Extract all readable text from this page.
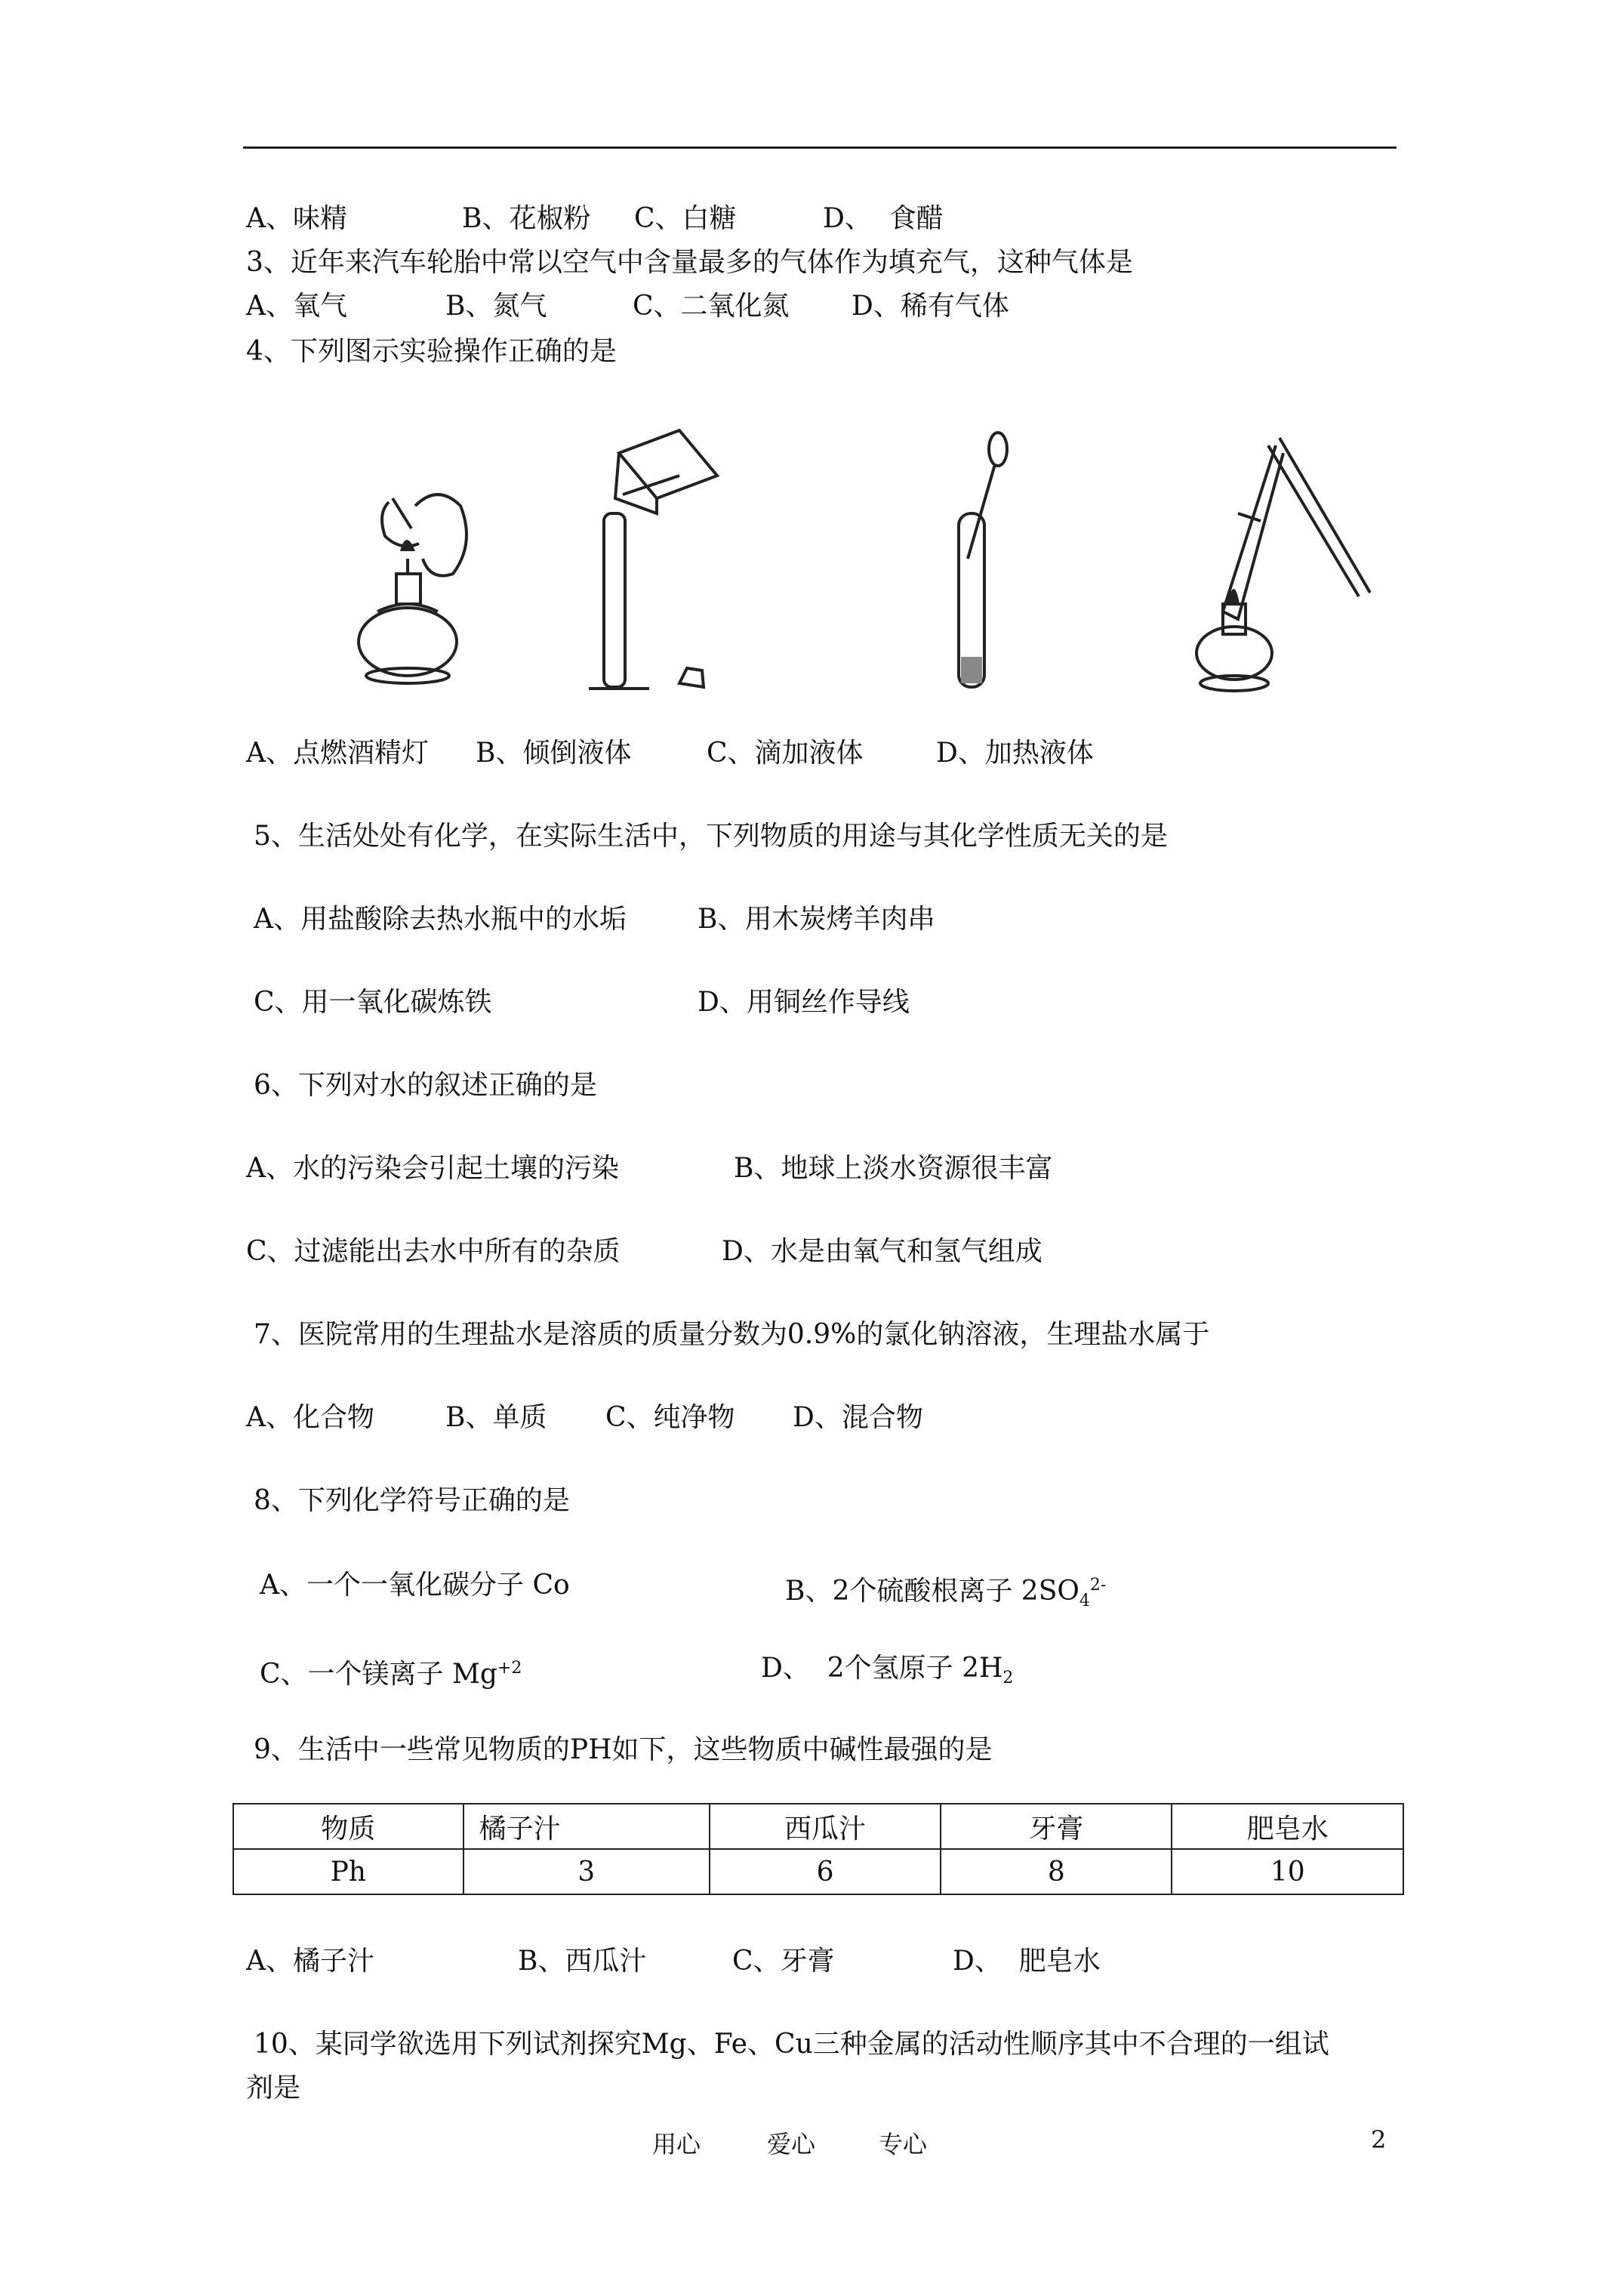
A、味精	B、花椒粉 C、白糖	D、  食醋
3、近年来汽车轮胎中常以空气中含量最多的气体作为填充气，这种气体是
A、氧气	B、氮气	C、二氧化氮 D、稀有气体
4、下列图示实验操作正确的是
A、点燃酒精灯 B、倾倒液体	C、滴加液体	D、加热液体
5、生活处处有化学，在实际生活中，下列物质的用途与其化学性质无关的是
A、用盐酸除去热水瓶中的水垢	B、用木炭烤羊肉串
C、用一氧化碳炼铁	D、用铜丝作导线
6、下列对水的叙述正确的是
A、水的污染会引起土壤的污染	B、地球上淡水资源很丰富
C、过滤能出去水中所有的杂质	D、水是由氧气和氢气组成
7、医院常用的生理盐水是溶质的质量分数为0.9%的氯化钠溶液，生理盐水属于
A、化合物	B、单质 C、纯净物 D、混合物
8、下列化学符号正确的是
A、一个一氧化碳分子 Co	B、2个硫酸根离子 $2SO_4^{2-}$
C、一个镁离子 $Mg^{+2}$	D、  2个氢原子 $2H_2$
9、生活中一些常见物质的PH如下，这些物质中碱性最强的是
物质	橘子汁	西瓜汁	牙膏	肥皂水
Ph	3	6	8	10
A、橘子汁	B、西瓜汁	C、牙膏	D、  肥皂水
10、某同学欲选用下列试剂探究Mg、Fe、Cu三种金属的活动性顺序其中不合理的一组试
剂是
用心	爱心	专心	2
